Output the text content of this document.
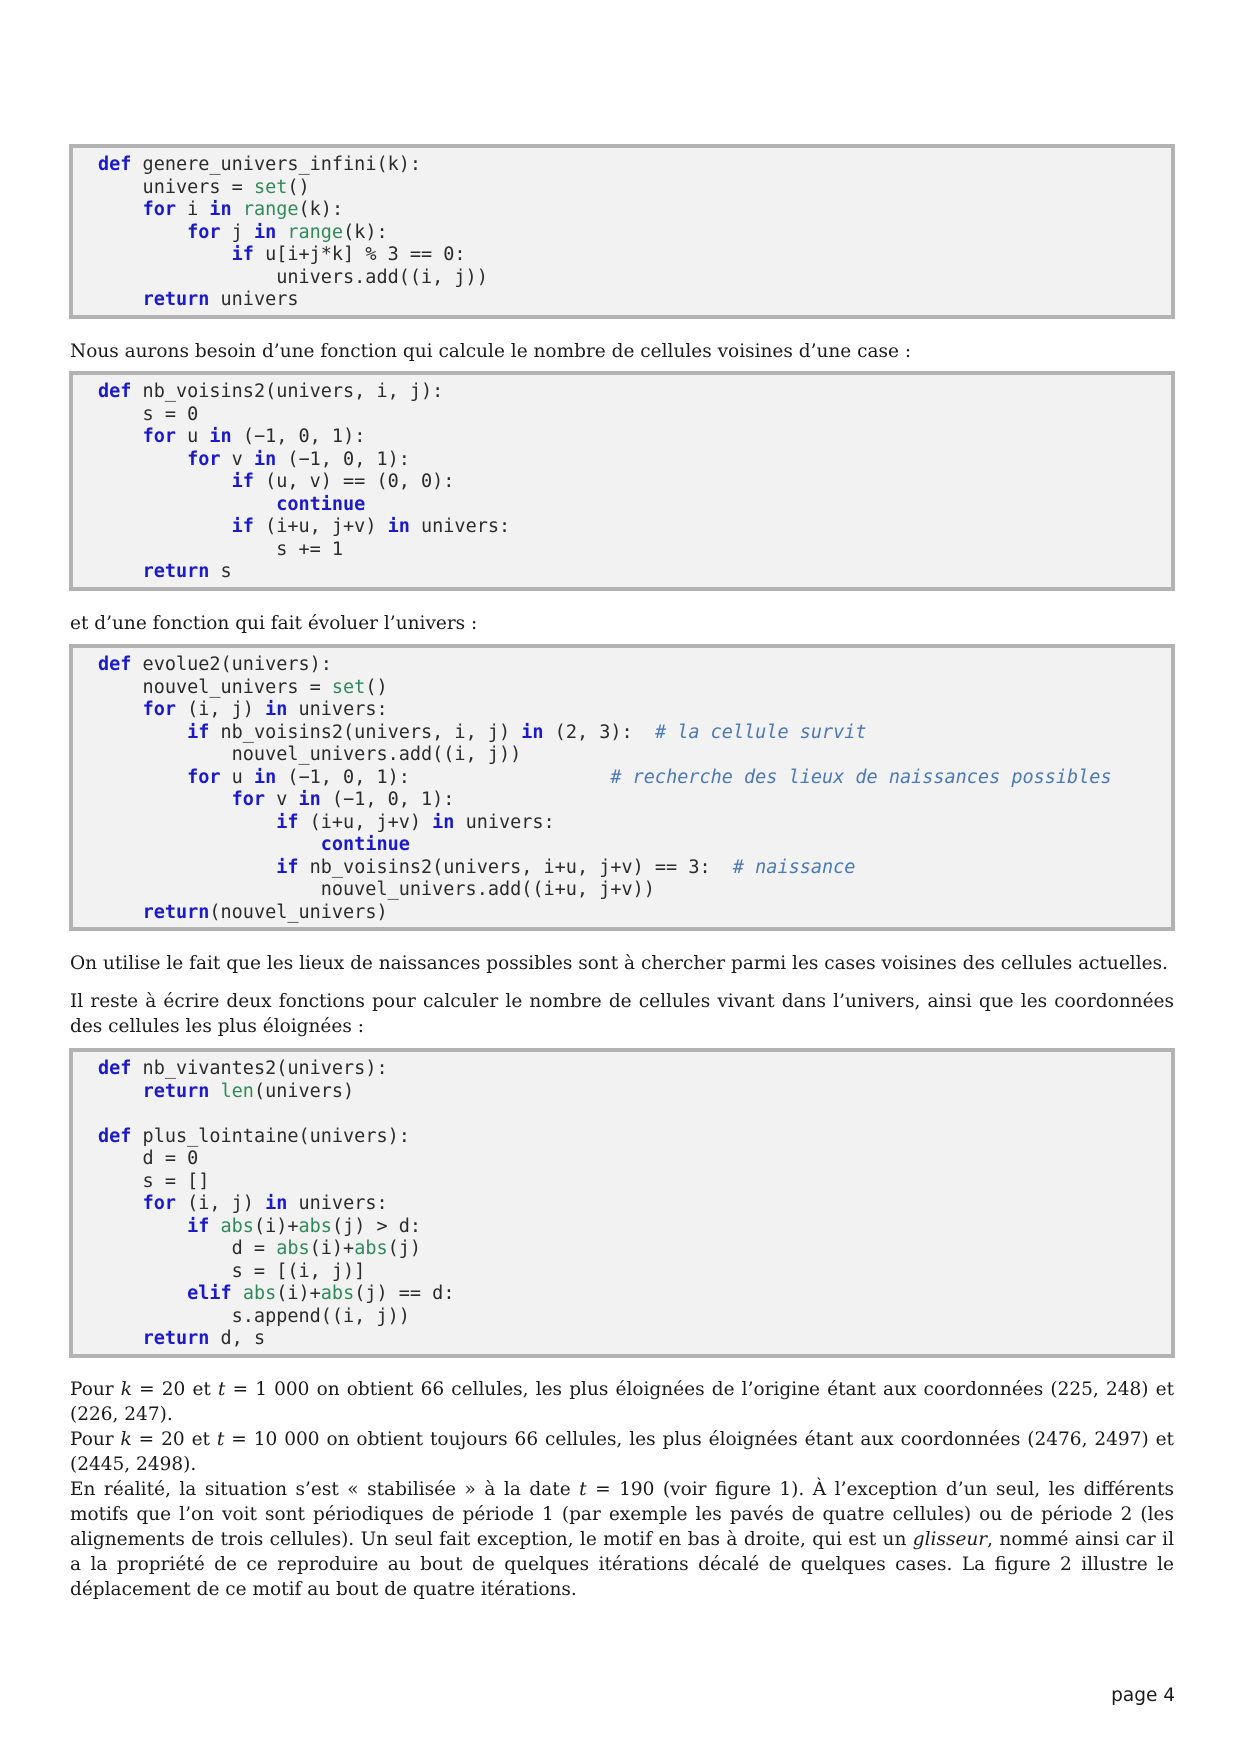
def genere_univers_infini(k):
univers = set()
for i in range(k):
for j in range(k):
if u[i+j*k] % 3 == 0:
univers.add((i, j))
return univers

Nous aurons besoin d’une fonction qui calcule le nombre de cellules voisines d’une case :

def nb_voisins2(univers, i, j):
s = 0
for u in (−1, 0, 1):
for v in (−1, 0, 1):
if (u, v) == (0, 0):
continue
if (i+u, j+v) in univers:
s += 1
return s

et d’une fonction qui fait évoluer l’univers :

def evolue2(univers):
nouvel_univers = set()
for (i, j) in univers:
if nb_voisins2(univers, i, j) in (2, 3):  # la cellule survit
nouvel_univers.add((i, j))
for u in (−1, 0, 1):                  # recherche des lieux de naissances possibles
for v in (−1, 0, 1):
if (i+u, j+v) in univers:
continue
if nb_voisins2(univers, i+u, j+v) == 3:  # naissance
nouvel_univers.add((i+u, j+v))
return(nouvel_univers)

On utilise le fait que les lieux de naissances possibles sont à chercher parmi les cases voisines des cellules actuelles.

Il reste à écrire deux fonctions pour calculer le nombre de cellules vivant dans l’univers, ainsi que les coordonnées des cellules les plus éloignées :

def nb_vivantes2(univers):
return len(univers)
def plus_lointaine(univers):
d = 0
s = []
for (i, j) in univers:
if abs(i)+abs(j) > d:
d = abs(i)+abs(j)
s = [(i, j)]
elif abs(i)+abs(j) == d:
s.append((i, j))
return d, s

Pour k = 20 et t = 1 000 on obtient 66 cellules, les plus éloignées de l’origine étant aux coordonnées (225, 248) et (226, 247).
Pour k = 20 et t = 10 000 on obtient toujours 66 cellules, les plus éloignées étant aux coordonnées (2476, 2497) et (2445, 2498).
En réalité, la situation s’est « stabilisée » à la date t = 190 (voir figure 1). À l’exception d’un seul, les différents motifs que l’on voit sont périodiques de période 1 (par exemple les pavés de quatre cellules) ou de période 2 (les alignements de trois cellules). Un seul fait exception, le motif en bas à droite, qui est un glisseur, nommé ainsi car il a la propriété de ce reproduire au bout de quelques itérations décalé de quelques cases. La figure 2 illustre le déplacement de ce motif au bout de quatre itérations.

page 4
